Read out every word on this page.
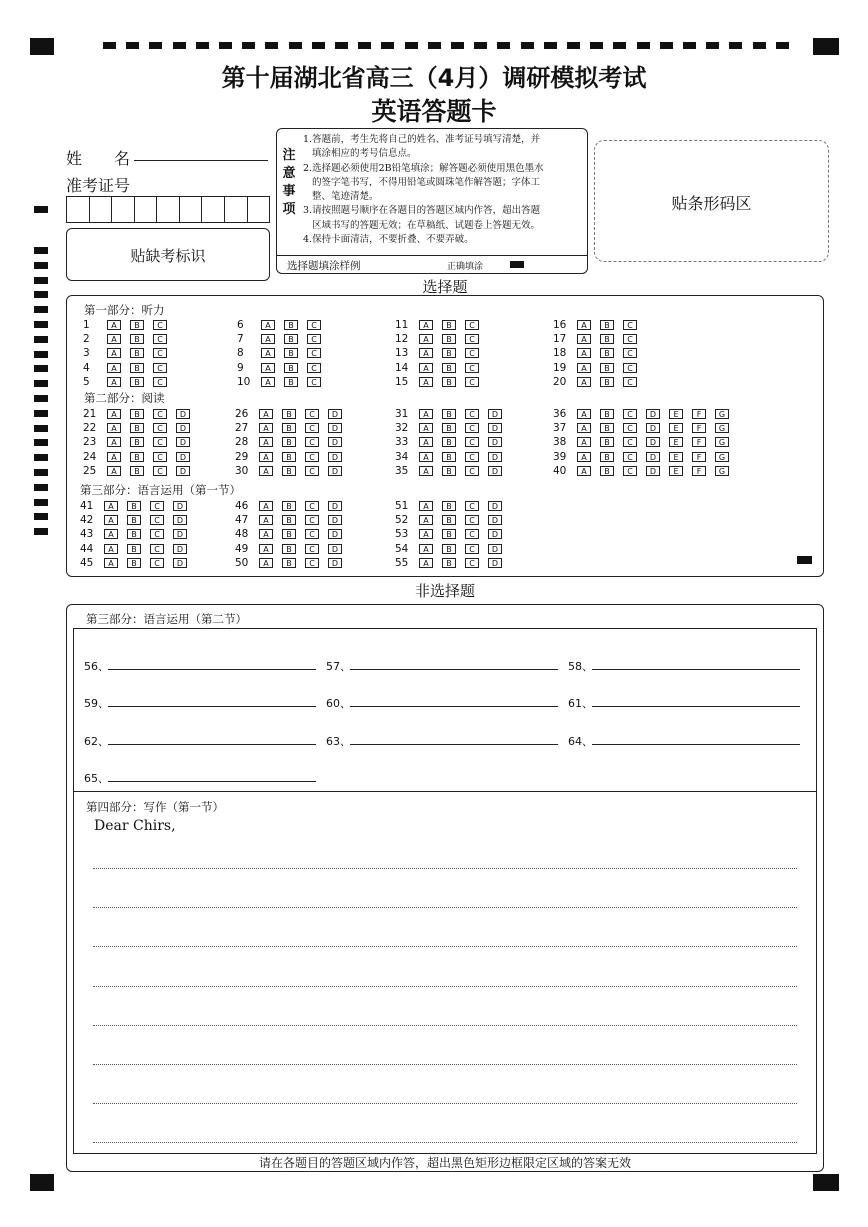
第十届湖北省高三（4月）调研模拟考试
英语答题卡
姓　　名
准考证号
贴缺考标识
注
意
事
项
1.答题前，考生先将自己的姓名、准考证号填写清楚，并
填涂相应的考号信息点。
2.选择题必须使用2B铅笔填涂；解答题必须使用黑色墨水
的签字笔书写，不得用铅笔或圆珠笔作解答题；字体工
整、笔迹清楚。
3.请按照题号顺序在各题目的答题区域内作答，超出答题
区域书写的答题无效；在草稿纸、试题卷上答题无效。
4.保持卡面清洁，不要折叠、不要弄破。
选择题填涂样例	正确填涂
贴条形码区
选择题
第一部分：听力
第二部分：阅读
第三部分：语言运用（第一节）
1	A B C
2	A B C
3	A B C
4	A B C
5	A B C
6	A B C
7	A B C
8	A B C
9	A B C
10 A B C
11 A B C
12 A B C
13 A B C
14 A B C
15 A B C
16 A B C
17 A B C
18 A B C
19 A B C
20 A B C
21 A B C D
22 A B C D
23 A B C D
24 A B C D
25 A B C D
26 A B C D
27 A B C D
28 A B C D
29 A B C D
30 A B C D
31 A B C D
32 A B C D
33 A B C D
34 A B C D
35 A B C D
36 A B C D E F G
37 A B C D E F G
38 A B C D E F G
39 A B C D E F G
40 A B C D E F G
41 A B C D
42 A B C D
43 A B C D
44 A B C D
45 A B C D
46 A B C D
47 A B C D
48 A B C D
49 A B C D
50 A B C D
51 A B C D
52 A B C D
53 A B C D
54 A B C D
55 A B C D
非选择题
第三部分：语言运用（第二节）
56、	57、	58、
59、	60、	61、
62、	63、	64、
65、
第四部分：写作（第一节）
Dear Chirs,
请在各题目的答题区域内作答，超出黑色矩形边框限定区域的答案无效
